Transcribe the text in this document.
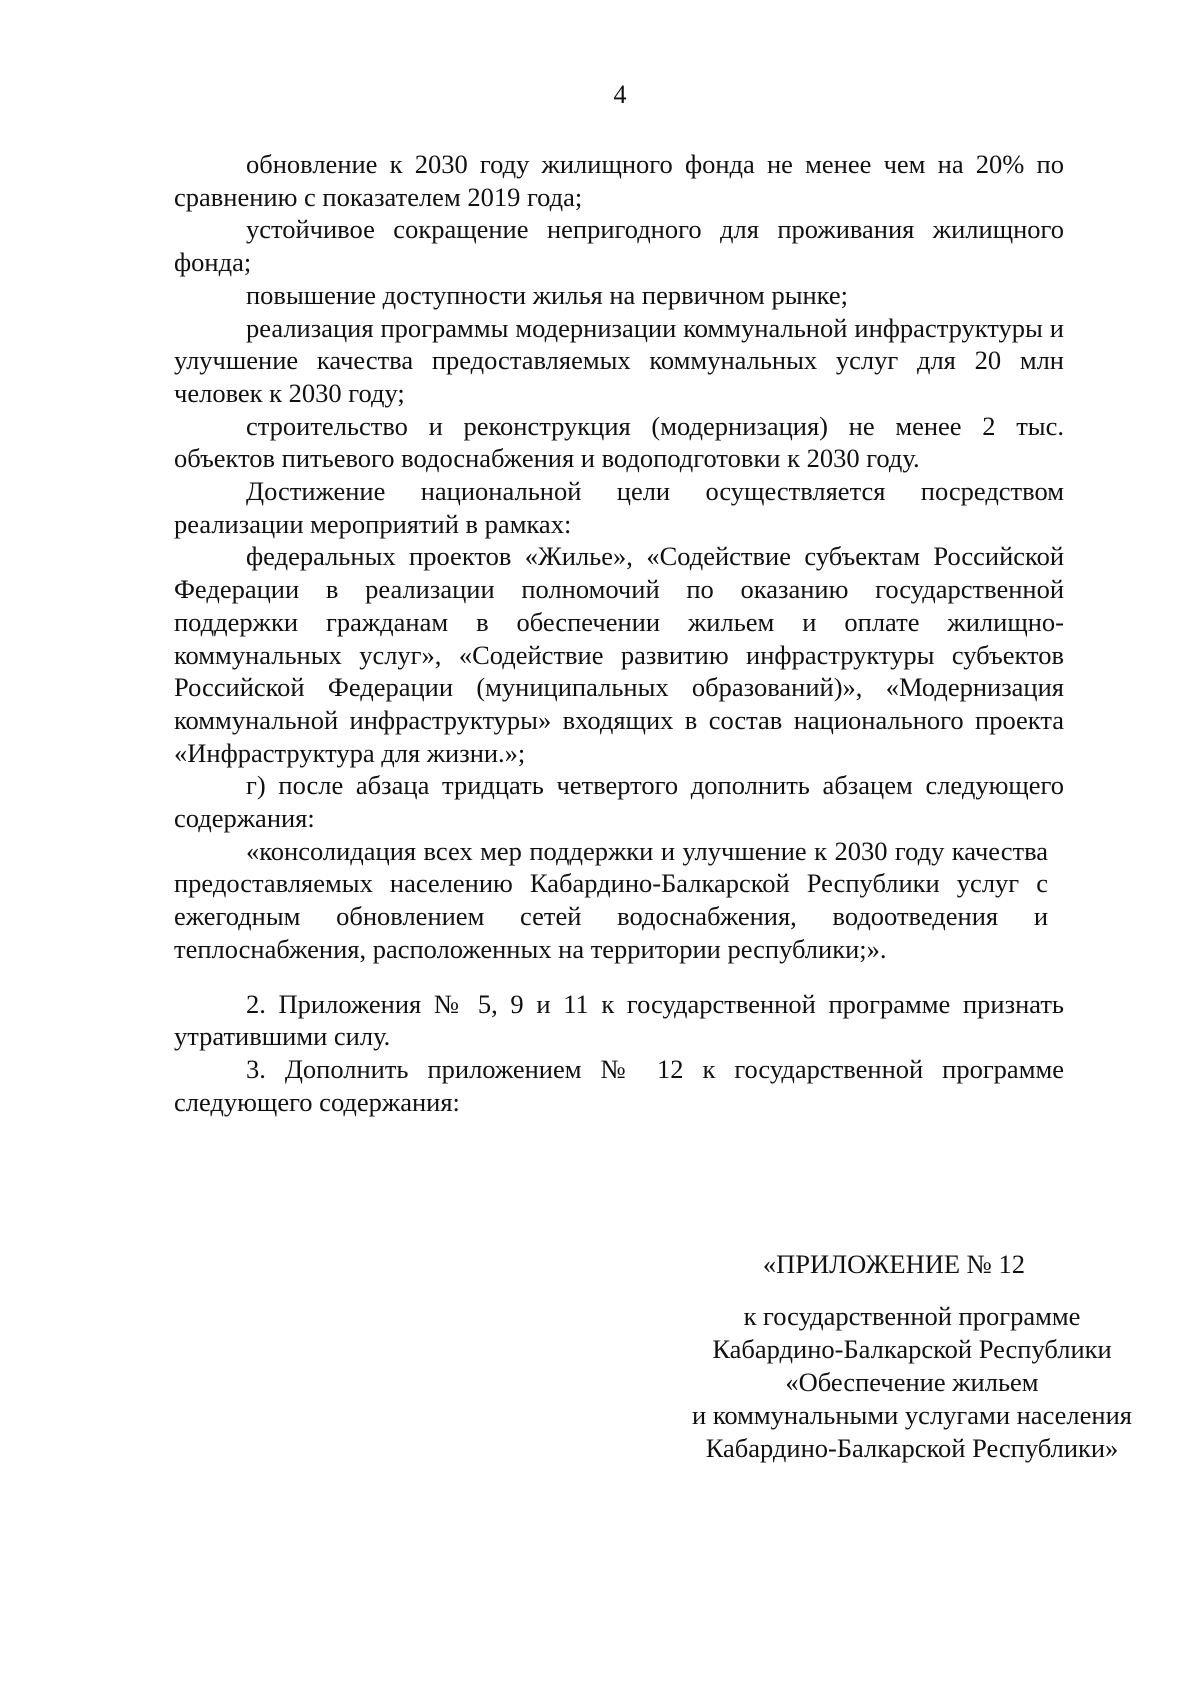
4

обновление к 2030 году жилищного фонда не менее чем на 20% по сравнению с показателем 2019 года;

устойчивое сокращение непригодного для проживания жилищного фонда;

повышение доступности жилья на первичном рынке;

реализация программы модернизации коммунальной инфраструктуры и улучшение качества предоставляемых коммунальных услуг для 20 млн человек к 2030 году;

строительство и реконструкция (модернизация) не менее 2 тыс. объектов питьевого водоснабжения и водоподготовки к 2030 году.

Достижение национальной цели осуществляется посредством реализации мероприятий в рамках:

федеральных проектов «Жилье», «Содействие субъектам Российской Федерации в реализации полномочий по оказанию государственной поддержки гражданам в обеспечении жильем и оплате жилищно-коммунальных услуг», «Содействие развитию инфраструктуры субъектов Российской Федерации (муниципальных образований)», «Модернизация коммунальной инфраструктуры» входящих в состав национального проекта «Инфраструктура для жизни.»;

г) после абзаца тридцать четвертого дополнить абзацем следующего содержания:

«консолидация всех мер поддержки и улучшение к 2030 году качества предоставляемых населению Кабардино-Балкарской Республики услуг с ежегодным обновлением сетей водоснабжения, водоотведения и теплоснабжения, расположенных на территории республики;».

2. Приложения № 5, 9 и 11 к государственной программе признать утратившими силу.

3. Дополнить приложением № 12 к государственной программе следующего содержания:

«ПРИЛОЖЕНИЕ № 12
к государственной программе
Кабардино-Балкарской Республики
«Обеспечение жильем
и коммунальными услугами населения
Кабардино-Балкарской Республики»
